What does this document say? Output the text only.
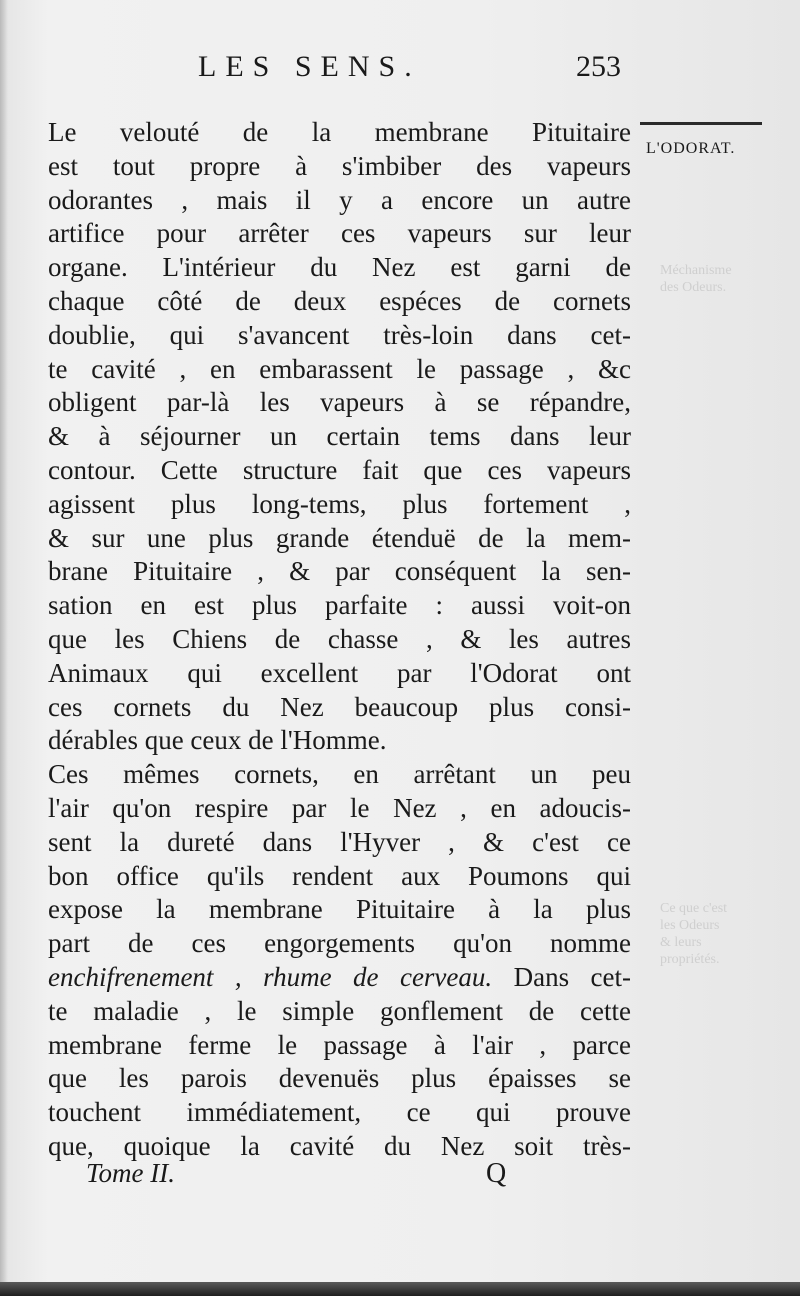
Méchanisme
des Odeurs.
Ce que c'est
les Odeurs
& leurs
propriétés.
LES SENS.	253
L'ODORAT.
Le velouté de la membrane Pituitaire
est tout propre à s'imbiber des vapeurs
odorantes , mais il y a encore un autre
artifice pour arrêter ces vapeurs sur leur
organe. L'intérieur du Nez est garni de
chaque côté de deux espéces de cornets
doublie, qui s'avancent très-loin dans cet-
te cavité , en embarassent le passage , &c
obligent par-là les vapeurs à se répandre,
& à séjourner un certain tems dans leur
contour. Cette structure fait que ces vapeurs
agissent plus long-tems, plus fortement ,
& sur une plus grande étenduë de la mem-
brane Pituitaire , & par conséquent la sen-
sation en est plus parfaite : aussi voit-on
que les Chiens de chasse , & les autres
Animaux qui excellent par l'Odorat ont
ces cornets du Nez beaucoup plus consi-
dérables que ceux de l'Homme.
Ces mêmes cornets, en arrêtant un peu
l'air qu'on respire par le Nez , en adoucis-
sent la dureté dans l'Hyver , & c'est ce
bon office qu'ils rendent aux Poumons qui
expose la membrane Pituitaire à la plus
part de ces engorgements qu'on nomme
enchifrenement , rhume de cerveau. Dans cet-
te maladie , le simple gonflement de cette
membrane ferme le passage à l'air , parce
que les parois devenuës plus épaisses se
touchent immédiatement, ce qui prouve
que, quoique la cavité du Nez soit très-
Tome II.	Q
